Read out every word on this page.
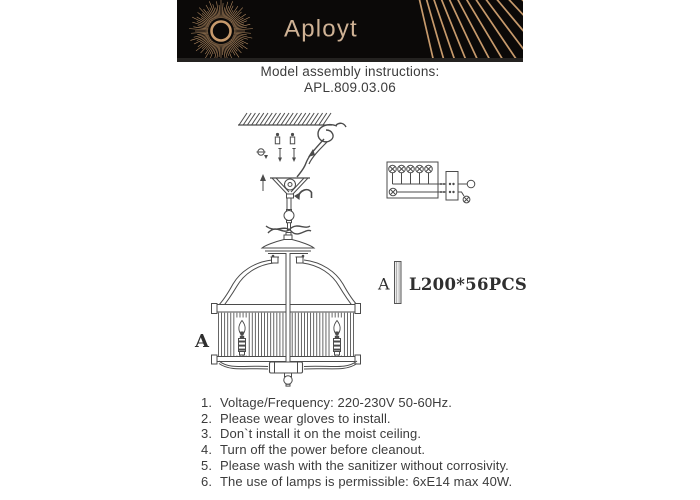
Aployt
Model assembly instructions:
APL.809.03.06
A
A L200*56PCS
1. Voltage/Frequency: 220-230V 50-60Hz.
2. Please wear gloves to install.
3. Don`t install it on the moist ceiling.
4. Turn off the power before cleanout.
5. Please wash with the sanitizer without corrosivity.
6. The use of lamps is permissible: 6xE14 max 40W.
